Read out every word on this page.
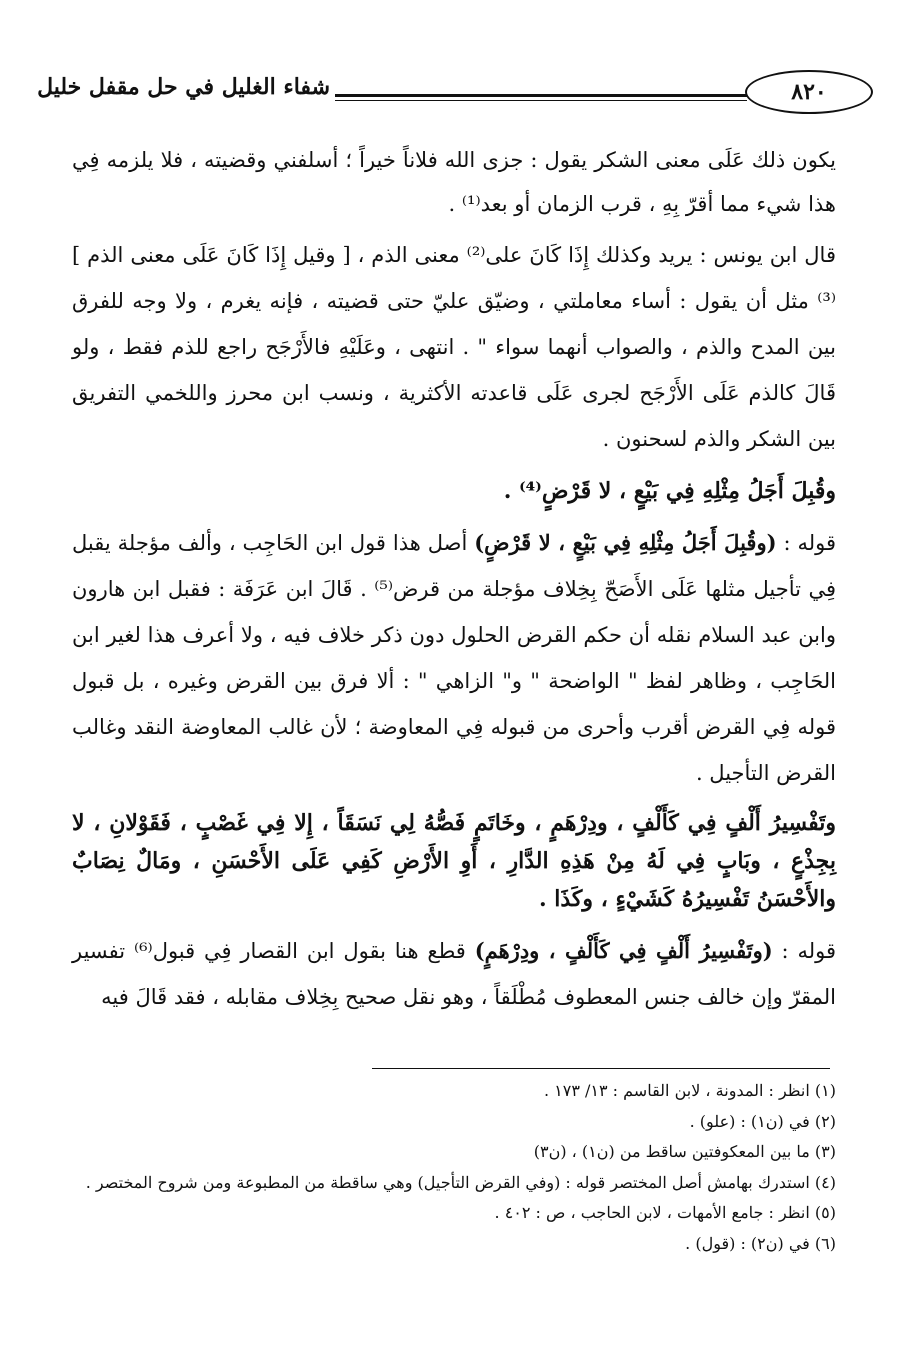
٨٢٠
شفاء الغليل في حل مقفل خليل

يكون ذلك عَلَى معنى الشكر يقول : جزى الله فلاناً خيراً ؛ أسلفني وقضيته ، فلا يلزمه فِي هذا شيء مما أقرّ بِهِ ، قرب الزمان أو بعد⁽¹⁾ .

قال ابن يونس : يريد وكذلك إِذَا كَانَ على⁽²⁾ معنى الذم ، [ وقيل إِذَا كَانَ عَلَى معنى الذم ]⁽³⁾ مثل أن يقول : أساء معاملتي ، وضيّق عليّ حتى قضيته ، فإنه يغرم ، ولا وجه للفرق بين المدح والذم ، والصواب أنهما سواء " . انتهى ، وعَلَيْهِ فالأَرْجَح راجع للذم فقط ، ولو قَالَ كالذم عَلَى الأَرْجَح لجرى عَلَى قاعدته الأكثرية ، ونسب ابن محرز واللخمي التفريق بين الشكر والذم لسحنون .

وقُبِلَ أَجَلُ مِثْلِهِ فِي بَيْعٍ ، لا قَرْضٍ⁽⁴⁾ .

قوله : (وقُبِلَ أَجَلُ مِثْلِهِ فِي بَيْعٍ ، لا قَرْضٍ) أصل هذا قول ابن الحَاجِب ، وألف مؤجلة يقبل فِي تأجيل مثلها عَلَى الأَصَحّ بِخِلاف مؤجلة من قرض⁽⁵⁾ . قَالَ ابن عَرَفَة : فقبل ابن هارون وابن عبد السلام نقله أن حكم القرض الحلول دون ذكر خلاف فيه ، ولا أعرف هذا لغير ابن الحَاجِب ، وظاهر لفظ " الواضحة " و" الزاهي " : ألا فرق بين القرض وغيره ، بل قبول قوله فِي القرض أقرب وأحرى من قبوله فِي المعاوضة ؛ لأن غالب المعاوضة النقد وغالب القرض التأجيل .

وتَفْسِيرُ أَلْفٍ فِي كَأَلْفٍ ، ودِرْهَمٍ ، وخَاتَمٍ فَصُّهُ لِي نَسَقَاً ، إِلا فِي غَصْبٍ ، فَقَوْلانِ ، لا بِجِذْعٍ ، وبَابٍ فِي لَهُ مِنْ هَذِهِ الدَّارِ ، أَوِ الأَرْضِ كَفِي عَلَى الأَحْسَنِ ، ومَالٌ نِصَابٌ والأَحْسَنُ تَفْسِيرُهُ كَشَيْءٍ ، وكَذَا .

قوله : (وتَفْسِيرُ أَلْفٍ فِي كَأَلْفٍ ، ودِرْهَمٍ) قطع هنا بقول ابن القصار فِي قبول⁽⁶⁾ تفسير المقرّ وإن خالف جنس المعطوف مُطْلَقاً ، وهو نقل صحيح بِخِلاف مقابله ، فقد قَالَ فيه

(١) انظر : المدونة ، لابن القاسم : ١٣/ ١٧٣ .
(٢) في (ن١) : (علو) .
(٣) ما بين المعكوفتين ساقط من (ن١) ، (ن٣)
(٤) استدرك بهامش أصل المختصر قوله : (وفي القرض التأجيل) وهي ساقطة من المطبوعة ومن شروح المختصر .
(٥) انظر : جامع الأمهات ، لابن الحاجب ، ص : ٤٠٢ .
(٦) في (ن٢) : (قول) .
